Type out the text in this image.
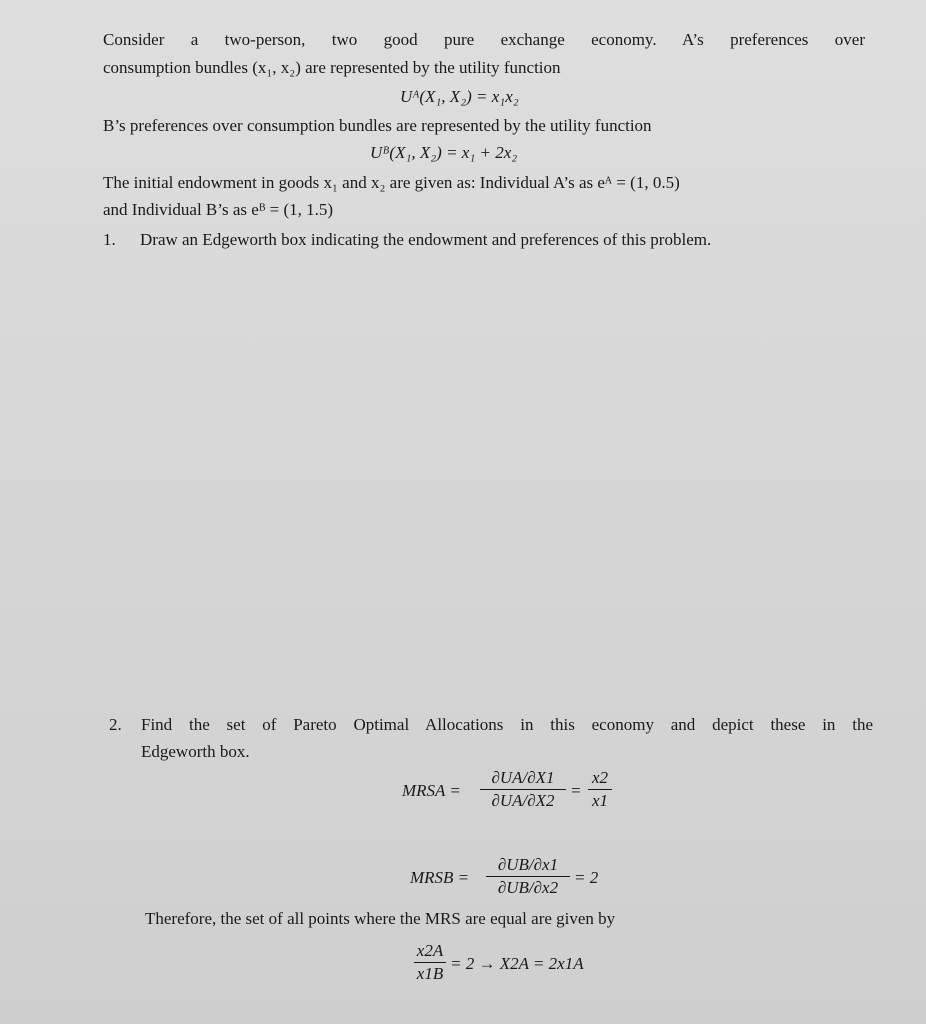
Consider a two-person, two good pure exchange economy. A’s preferences over
consumption bundles (x₁, x₂) are represented by the utility function
Uᴬ(X₁, X₂) = x₁x₂
B’s preferences over consumption bundles are represented by the utility function
Uᴮ(X₁, X₂) = x₁ + 2x₂
The initial endowment in goods x₁ and x₂ are given as: Individual A’s as eᴬ = (1, 0.5)
and Individual B’s as eᴮ = (1, 1.5)
1. Draw an Edgeworth box indicating the endowment and preferences of this problem.
2. Find the set of Pareto Optimal Allocations in this economy and depict these in the
Edgeworth box.
MRSA = $\frac{\partial UA/\partial X1}{\partial UA/\partial X2} = \frac{x2}{x1}$
MRSB = $\frac{\partial UB/\partial x1}{\partial UB/\partial x2} = 2$
Therefore, the set of all points where the MRS are equal are given by
$\frac{x2A}{x1B} = 2 \to X2A = 2x1A$
